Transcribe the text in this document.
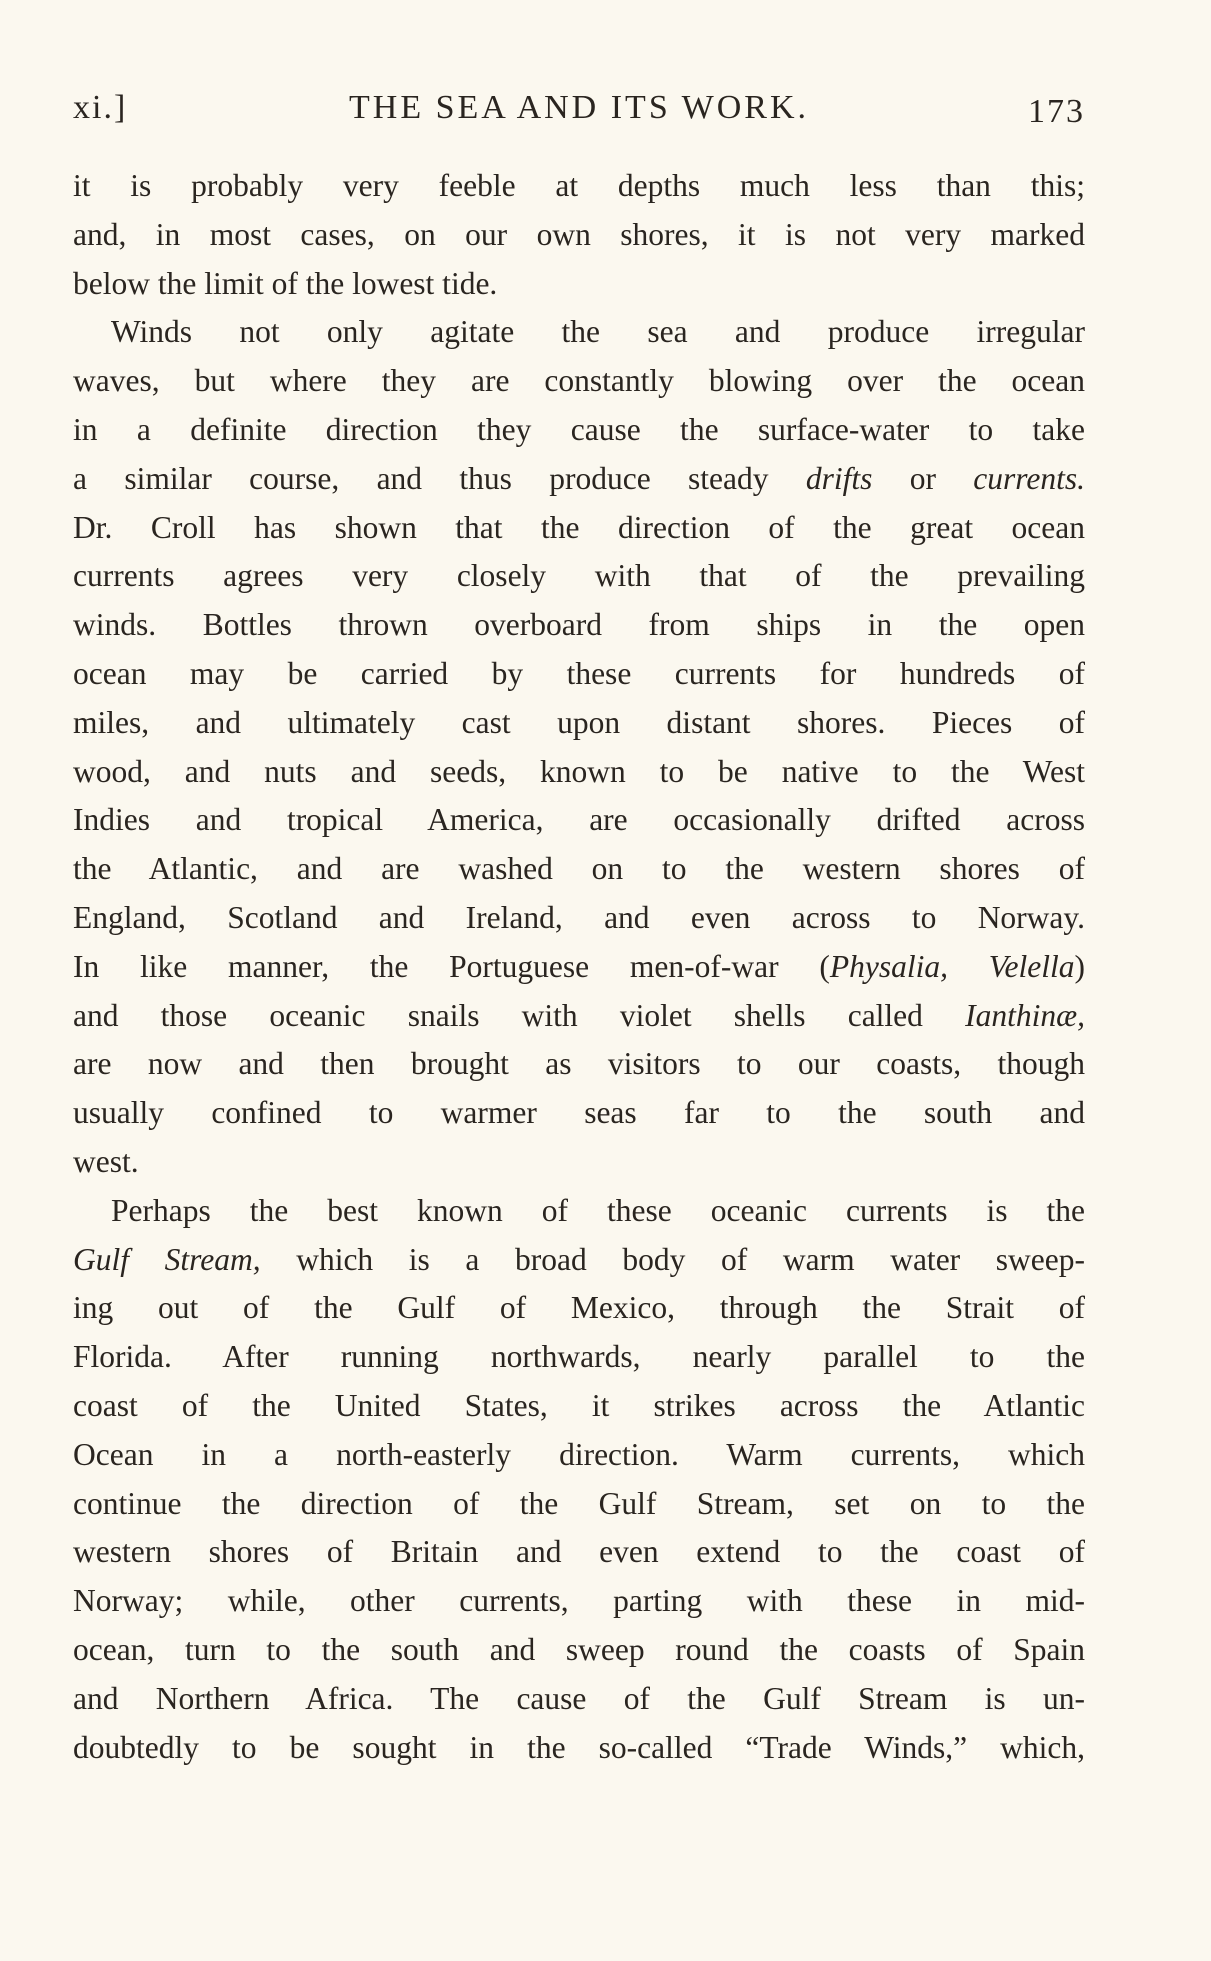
xi.]	THE SEA AND ITS WORK.	173

it is probably very feeble at depths much less than this;
and, in most cases, on our own shores, it is not very marked
below the limit of the lowest tide.

Winds not only agitate the sea and produce irregular
waves, but where they are constantly blowing over the ocean
in a definite direction they cause the surface-water to take
a similar course, and thus produce steady drifts or currents.
Dr. Croll has shown that the direction of the great ocean
currents agrees very closely with that of the prevailing
winds. Bottles thrown overboard from ships in the open
ocean may be carried by these currents for hundreds of
miles, and ultimately cast upon distant shores. Pieces of
wood, and nuts and seeds, known to be native to the West
Indies and tropical America, are occasionally drifted across
the Atlantic, and are washed on to the western shores of
England, Scotland and Ireland, and even across to Norway.
In like manner, the Portuguese men-of-war (Physalia, Velella)
and those oceanic snails with violet shells called Ianthinæ,
are now and then brought as visitors to our coasts, though
usually confined to warmer seas far to the south and
west.

Perhaps the best known of these oceanic currents is the
Gulf Stream, which is a broad body of warm water sweep-
ing out of the Gulf of Mexico, through the Strait of
Florida. After running northwards, nearly parallel to the
coast of the United States, it strikes across the Atlantic
Ocean in a north-easterly direction. Warm currents, which
continue the direction of the Gulf Stream, set on to the
western shores of Britain and even extend to the coast of
Norway; while, other currents, parting with these in mid-
ocean, turn to the south and sweep round the coasts of Spain
and Northern Africa. The cause of the Gulf Stream is un-
doubtedly to be sought in the so-called “Trade Winds,” which,
